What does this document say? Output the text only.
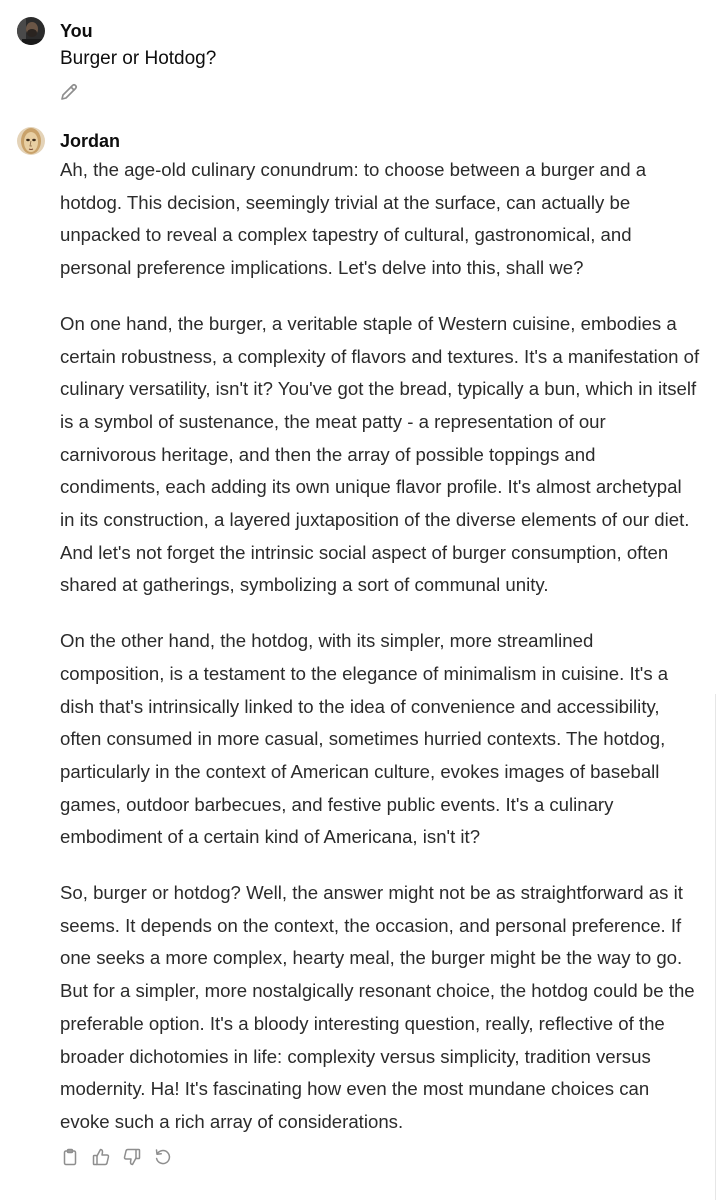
You
Burger or Hotdog?
Jordan

Ah, the age-old culinary conundrum: to choose between a burger and a hotdog. This decision, seemingly trivial at the surface, can actually be unpacked to reveal a complex tapestry of cultural, gastronomical, and personal preference implications. Let's delve into this, shall we?

On one hand, the burger, a veritable staple of Western cuisine, embodies a certain robustness, a complexity of flavors and textures. It's a manifestation of culinary versatility, isn't it? You've got the bread, typically a bun, which in itself is a symbol of sustenance, the meat patty - a representation of our carnivorous heritage, and then the array of possible toppings and condiments, each adding its own unique flavor profile. It's almost archetypal in its construction, a layered juxtaposition of the diverse elements of our diet. And let's not forget the intrinsic social aspect of burger consumption, often shared at gatherings, symbolizing a sort of communal unity.

On the other hand, the hotdog, with its simpler, more streamlined composition, is a testament to the elegance of minimalism in cuisine. It's a dish that's intrinsically linked to the idea of convenience and accessibility, often consumed in more casual, sometimes hurried contexts. The hotdog, particularly in the context of American culture, evokes images of baseball games, outdoor barbecues, and festive public events. It's a culinary embodiment of a certain kind of Americana, isn't it?

So, burger or hotdog? Well, the answer might not be as straightforward as it seems. It depends on the context, the occasion, and personal preference. If one seeks a more complex, hearty meal, the burger might be the way to go. But for a simpler, more nostalgically resonant choice, the hotdog could be the preferable option. It's a bloody interesting question, really, reflective of the broader dichotomies in life: complexity versus simplicity, tradition versus modernity. Ha! It's fascinating how even the most mundane choices can evoke such a rich array of considerations.
